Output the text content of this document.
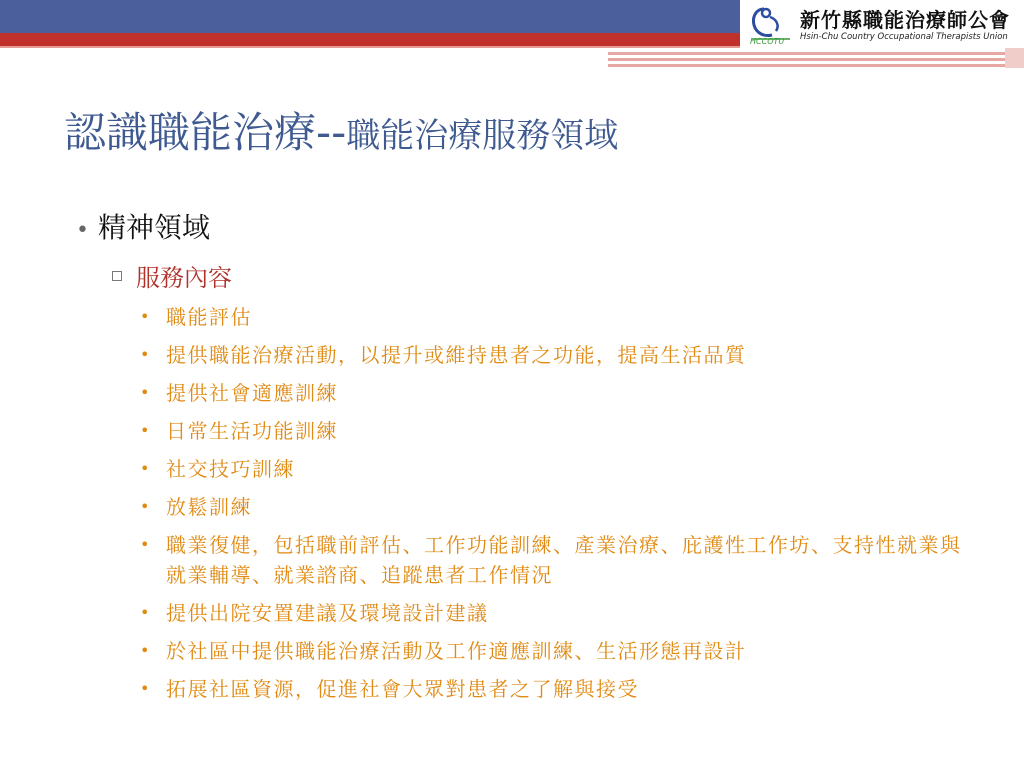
HCCOTU
新竹縣職能治療師公會
Hsin-Chu Country Occupational Therapists Union
認識職能治療--職能治療服務領域
• 精神領域
服務內容
• 職能評估
• 提供職能治療活動，以提升或維持患者之功能，提高生活品質
• 提供社會適應訓練
• 日常生活功能訓練
• 社交技巧訓練
• 放鬆訓練
• 職業復健，包括職前評估、工作功能訓練、產業治療、庇護性工作坊、支持性就業與就業輔導、就業諮商、追蹤患者工作情況
• 提供出院安置建議及環境設計建議
• 於社區中提供職能治療活動及工作適應訓練、生活形態再設計
• 拓展社區資源，促進社會大眾對患者之了解與接受
